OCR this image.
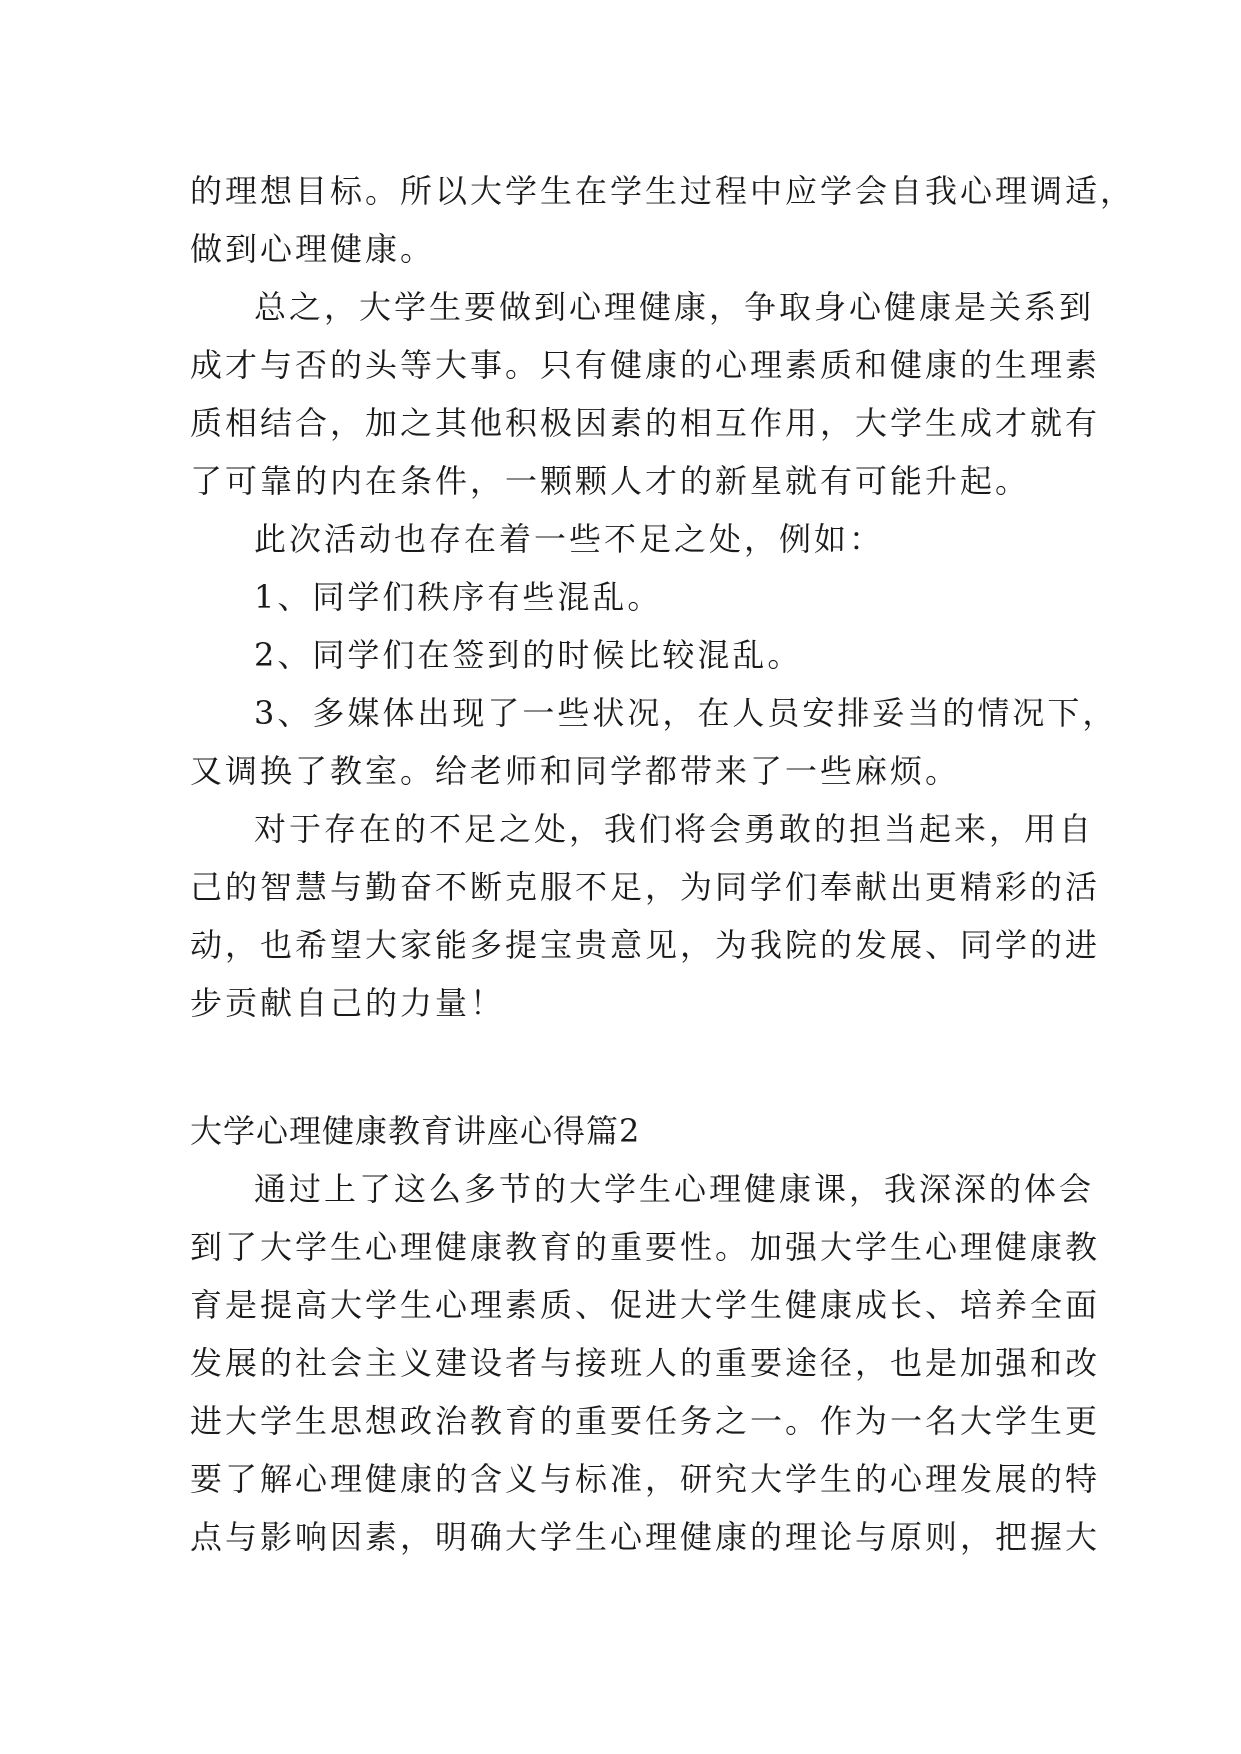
的理想目标。所以大学生在学生过程中应学会自我心理调适，
做到心理健康。
总之，大学生要做到心理健康，争取身心健康是关系到
成才与否的头等大事。只有健康的心理素质和健康的生理素
质相结合，加之其他积极因素的相互作用，大学生成才就有
了可靠的内在条件，一颗颗人才的新星就有可能升起。
此次活动也存在着一些不足之处，例如：
1、同学们秩序有些混乱。
2、同学们在签到的时候比较混乱。
3、多媒体出现了一些状况，在人员安排妥当的情况下，
又调换了教室。给老师和同学都带来了一些麻烦。
对于存在的不足之处，我们将会勇敢的担当起来，用自
己的智慧与勤奋不断克服不足，为同学们奉献出更精彩的活
动，也希望大家能多提宝贵意见，为我院的发展、同学的进
步贡献自己的力量！
大学心理健康教育讲座心得篇2
通过上了这么多节的大学生心理健康课，我深深的体会
到了大学生心理健康教育的重要性。加强大学生心理健康教
育是提高大学生心理素质、促进大学生健康成长、培养全面
发展的社会主义建设者与接班人的重要途径，也是加强和改
进大学生思想政治教育的重要任务之一。作为一名大学生更
要了解心理健康的含义与标准，研究大学生的心理发展的特
点与影响因素，明确大学生心理健康的理论与原则，把握大
